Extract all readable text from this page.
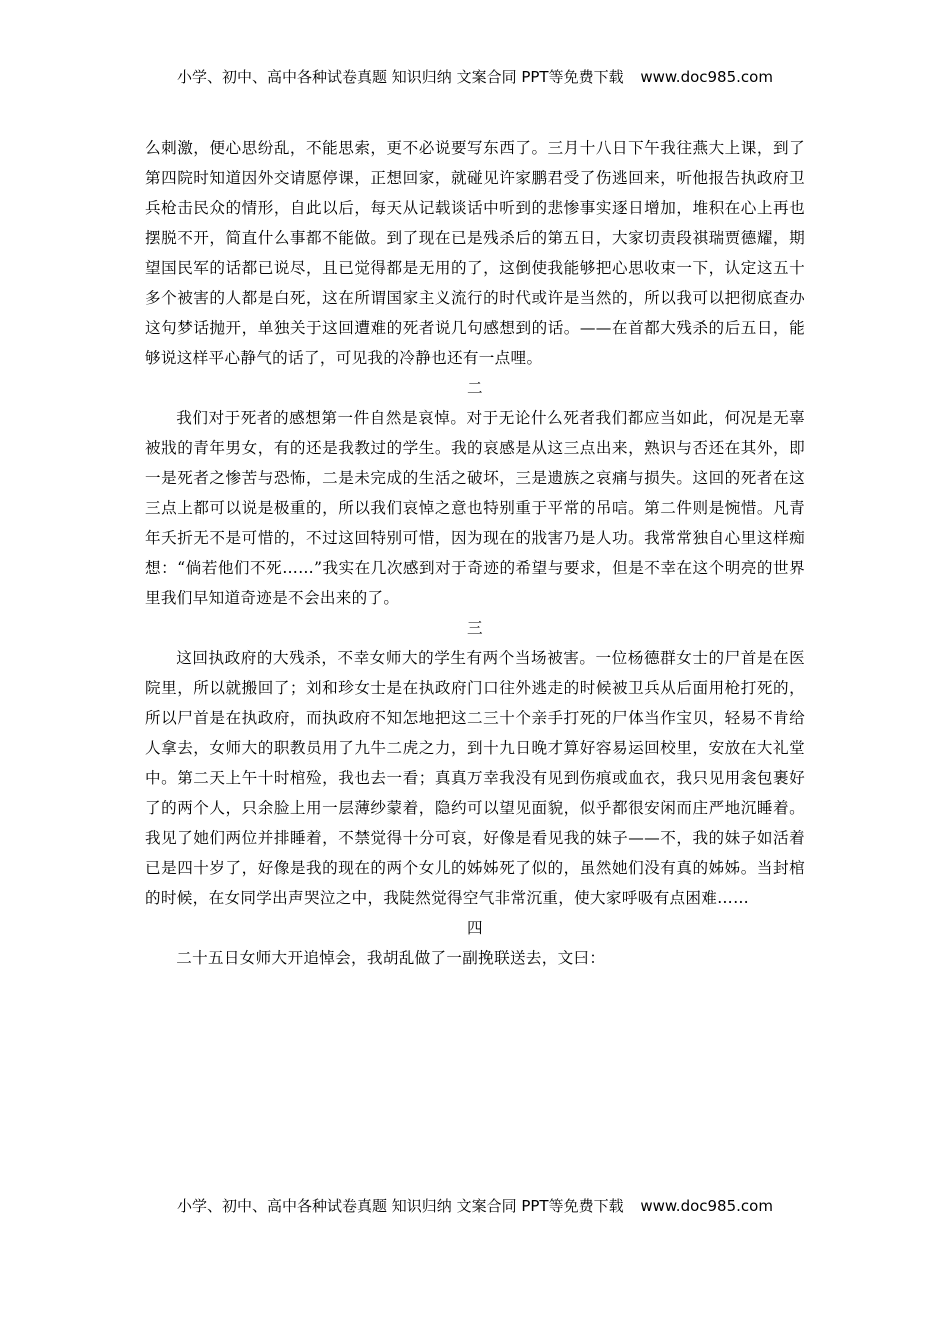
小学、初中、高中各种试卷真题 知识归纳 文案合同 PPT等免费下载 www.doc985.com

么刺激，便心思纷乱，不能思索，更不必说要写东西了。三月十八日下午我往燕大上课，到了第四院时知道因外交请愿停课，正想回家，就碰见许家鹏君受了伤逃回来，听他报告执政府卫兵枪击民众的情形，自此以后，每天从记载谈话中听到的悲惨事实逐日增加，堆积在心上再也摆脱不开，简直什么事都不能做。到了现在已是残杀后的第五日，大家切责段祺瑞贾德耀，期望国民军的话都已说尽，且已觉得都是无用的了，这倒使我能够把心思收束一下，认定这五十多个被害的人都是白死，这在所谓国家主义流行的时代或许是当然的，所以我可以把彻底查办这句梦话抛开，单独关于这回遭难的死者说几句感想到的话。——在首都大残杀的后五日，能够说这样平心静气的话了，可见我的冷静也还有一点哩。

二

我们对于死者的感想第一件自然是哀悼。对于无论什么死者我们都应当如此，何况是无辜被戕的青年男女，有的还是我教过的学生。我的哀感是从这三点出来，熟识与否还在其外，即一是死者之惨苦与恐怖，二是未完成的生活之破坏，三是遗族之哀痛与损失。这回的死者在这三点上都可以说是极重的，所以我们哀悼之意也特别重于平常的吊唁。第二件则是惋惜。凡青年夭折无不是可惜的，不过这回特别可惜，因为现在的戕害乃是人功。我常常独自心里这样痴想：“倘若他们不死……”我实在几次感到对于奇迹的希望与要求，但是不幸在这个明亮的世界里我们早知道奇迹是不会出来的了。

三

这回执政府的大残杀，不幸女师大的学生有两个当场被害。一位杨德群女士的尸首是在医院里，所以就搬回了；刘和珍女士是在执政府门口往外逃走的时候被卫兵从后面用枪打死的，所以尸首是在执政府，而执政府不知怎地把这二三十个亲手打死的尸体当作宝贝，轻易不肯给人拿去，女师大的职教员用了九牛二虎之力，到十九日晚才算好容易运回校里，安放在大礼堂中。第二天上午十时棺殓，我也去一看；真真万幸我没有见到伤痕或血衣，我只见用衾包裹好了的两个人，只余脸上用一层薄纱蒙着，隐约可以望见面貌，似乎都很安闲而庄严地沉睡着。我见了她们两位并排睡着，不禁觉得十分可哀，好像是看见我的妹子——不，我的妹子如活着已是四十岁了，好像是我的现在的两个女儿的姊姊死了似的，虽然她们没有真的姊姊。当封棺的时候，在女同学出声哭泣之中，我陡然觉得空气非常沉重，使大家呼吸有点困难……

四

二十五日女师大开追悼会，我胡乱做了一副挽联送去，文曰：

小学、初中、高中各种试卷真题 知识归纳 文案合同 PPT等免费下载 www.doc985.com
